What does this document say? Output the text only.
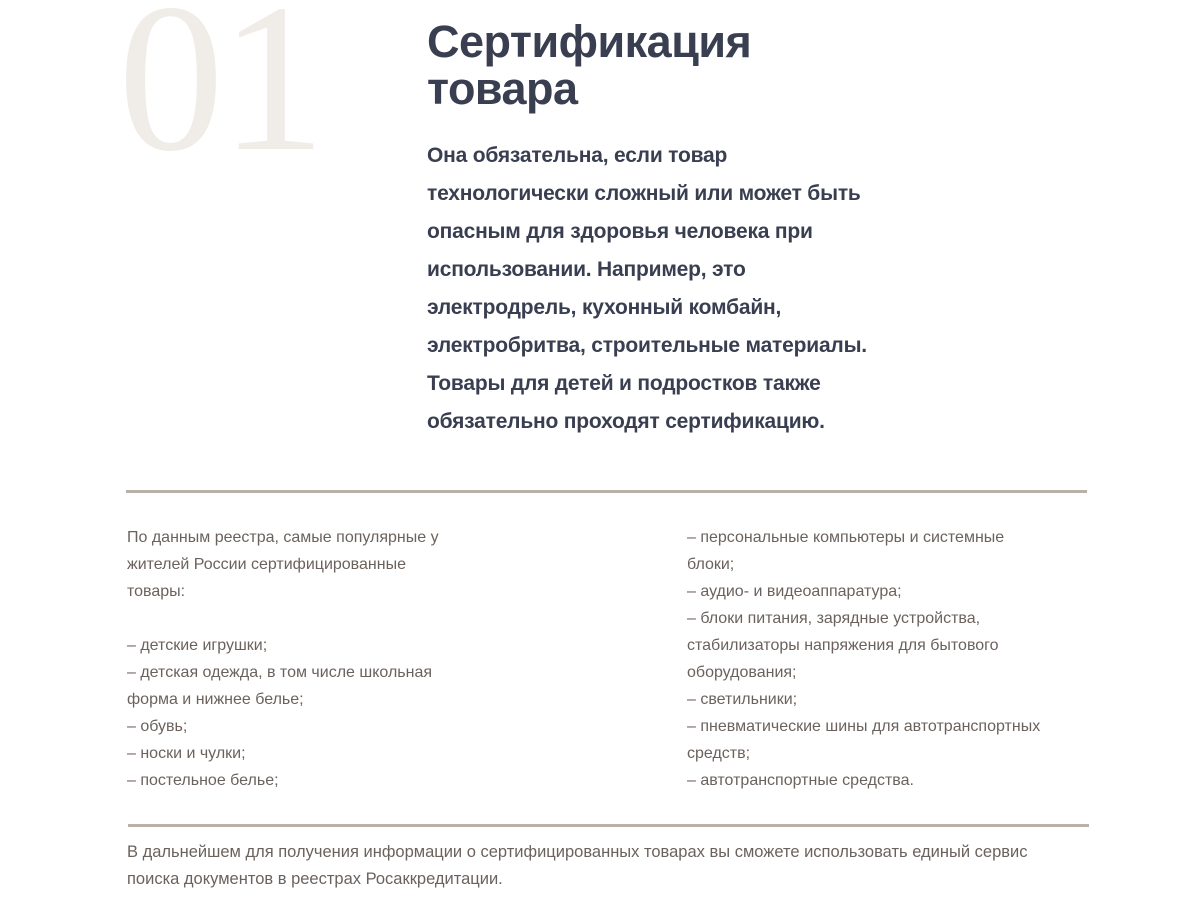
01 Сертификация
товара
Она обязательна, если товар
технологически сложный или может быть
опасным для здоровья человека при
использовании. Например, это
электродрель, кухонный комбайн,
электробритва, строительные материалы.
Товары для детей и подростков также
обязательно проходят сертификацию.
По данным реестра, самые популярные у
жителей России сертифицированные
товары:

– детские игрушки;
– детская одежда, в том числе школьная
форма и нижнее белье;
– обувь;
– носки и чулки;
– постельное белье;
– персональные компьютеры и системные
блоки;
– аудио- и видеоаппаратура;
– блоки питания, зарядные устройства,
стабилизаторы напряжения для бытового
оборудования;
– светильники;
– пневматические шины для автотранспортных
средств;
– автотранспортные средства.
В дальнейшем для получения информации о сертифицированных товарах вы сможете использовать единый сервис
поиска документов в реестрах Росаккредитации.
